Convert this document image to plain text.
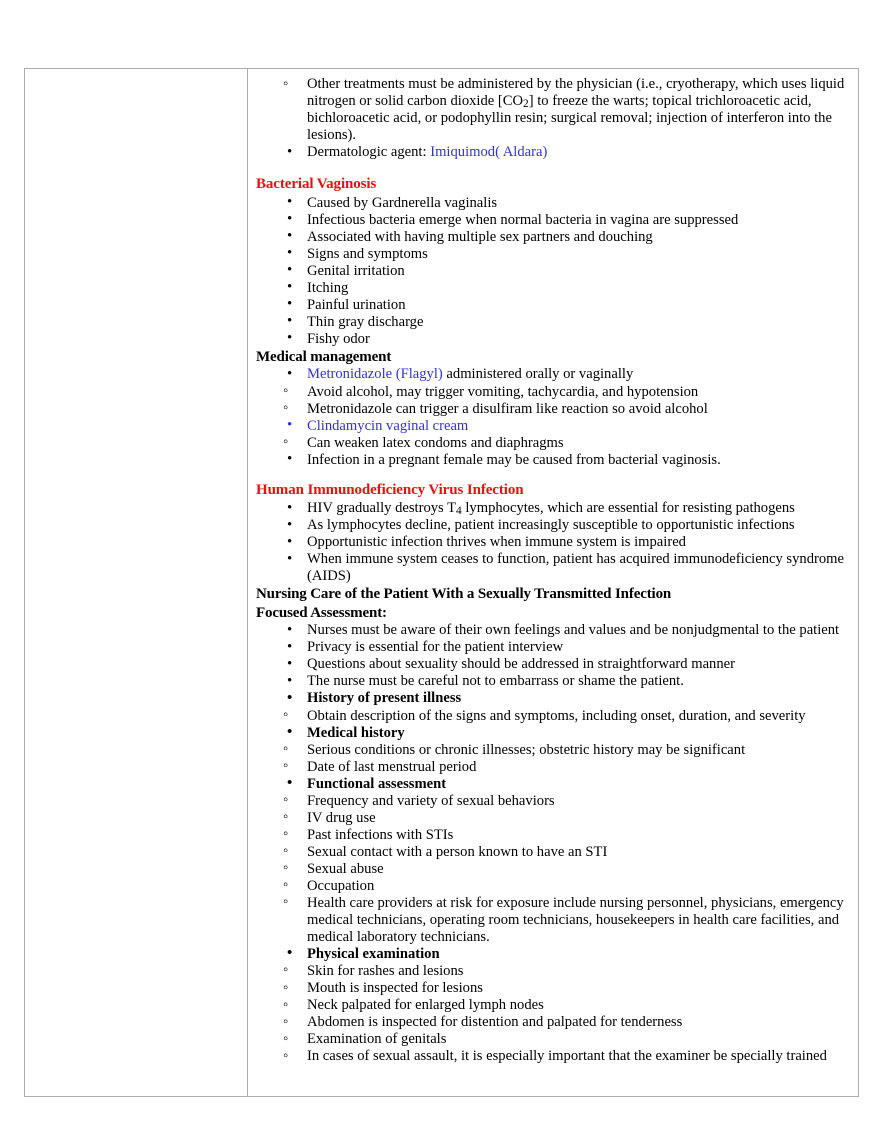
◦ Other treatments must be administered by the physician (i.e., cryotherapy, which uses liquid nitrogen or solid carbon dioxide $[CO_2]$ to freeze the warts; topical trichloroacetic acid, bichloroacetic acid, or podophyllin resin; surgical removal; injection of interferon into the lesions).
• Dermatologic agent: Imiquimod( Aldara)
Bacterial Vaginosis
• Caused by Gardnerella vaginalis
• Infectious bacteria emerge when normal bacteria in vagina are suppressed
• Associated with having multiple sex partners and douching
• Signs and symptoms
• Genital irritation
• Itching
• Painful urination
• Thin gray discharge
• Fishy odor
Medical management
• Metronidazole (Flagyl) administered orally or vaginally
◦ Avoid alcohol, may trigger vomiting, tachycardia, and hypotension
◦ Metronidazole can trigger a disulfiram like reaction so avoid alcohol
• Clindamycin vaginal cream
◦ Can weaken latex condoms and diaphragms
• Infection in a pregnant female may be caused from bacterial vaginosis.
Human Immunodeficiency Virus Infection
• HIV gradually destroys $T_4$ lymphocytes, which are essential for resisting pathogens
• As lymphocytes decline, patient increasingly susceptible to opportunistic infections
• Opportunistic infection thrives when immune system is impaired
• When immune system ceases to function, patient has acquired immunodeficiency syndrome (AIDS)
Nursing Care of the Patient With a Sexually Transmitted Infection
Focused Assessment:
• Nurses must be aware of their own feelings and values and be nonjudgmental to the patient
• Privacy is essential for the patient interview
• Questions about sexuality should be addressed in straightforward manner
• The nurse must be careful not to embarrass or shame the patient.
• History of present illness
◦ Obtain description of the signs and symptoms, including onset, duration, and severity
• Medical history
◦ Serious conditions or chronic illnesses; obstetric history may be significant
◦ Date of last menstrual period
• Functional assessment
◦ Frequency and variety of sexual behaviors
◦ IV drug use
◦ Past infections with STIs
◦ Sexual contact with a person known to have an STI
◦ Sexual abuse
◦ Occupation
◦ Health care providers at risk for exposure include nursing personnel, physicians, emergency medical technicians, operating room technicians, housekeepers in health care facilities, and medical laboratory technicians.
• Physical examination
◦ Skin for rashes and lesions
◦ Mouth is inspected for lesions
◦ Neck palpated for enlarged lymph nodes
◦ Abdomen is inspected for distention and palpated for tenderness
◦ Examination of genitals
◦ In cases of sexual assault, it is especially important that the examiner be specially trained
